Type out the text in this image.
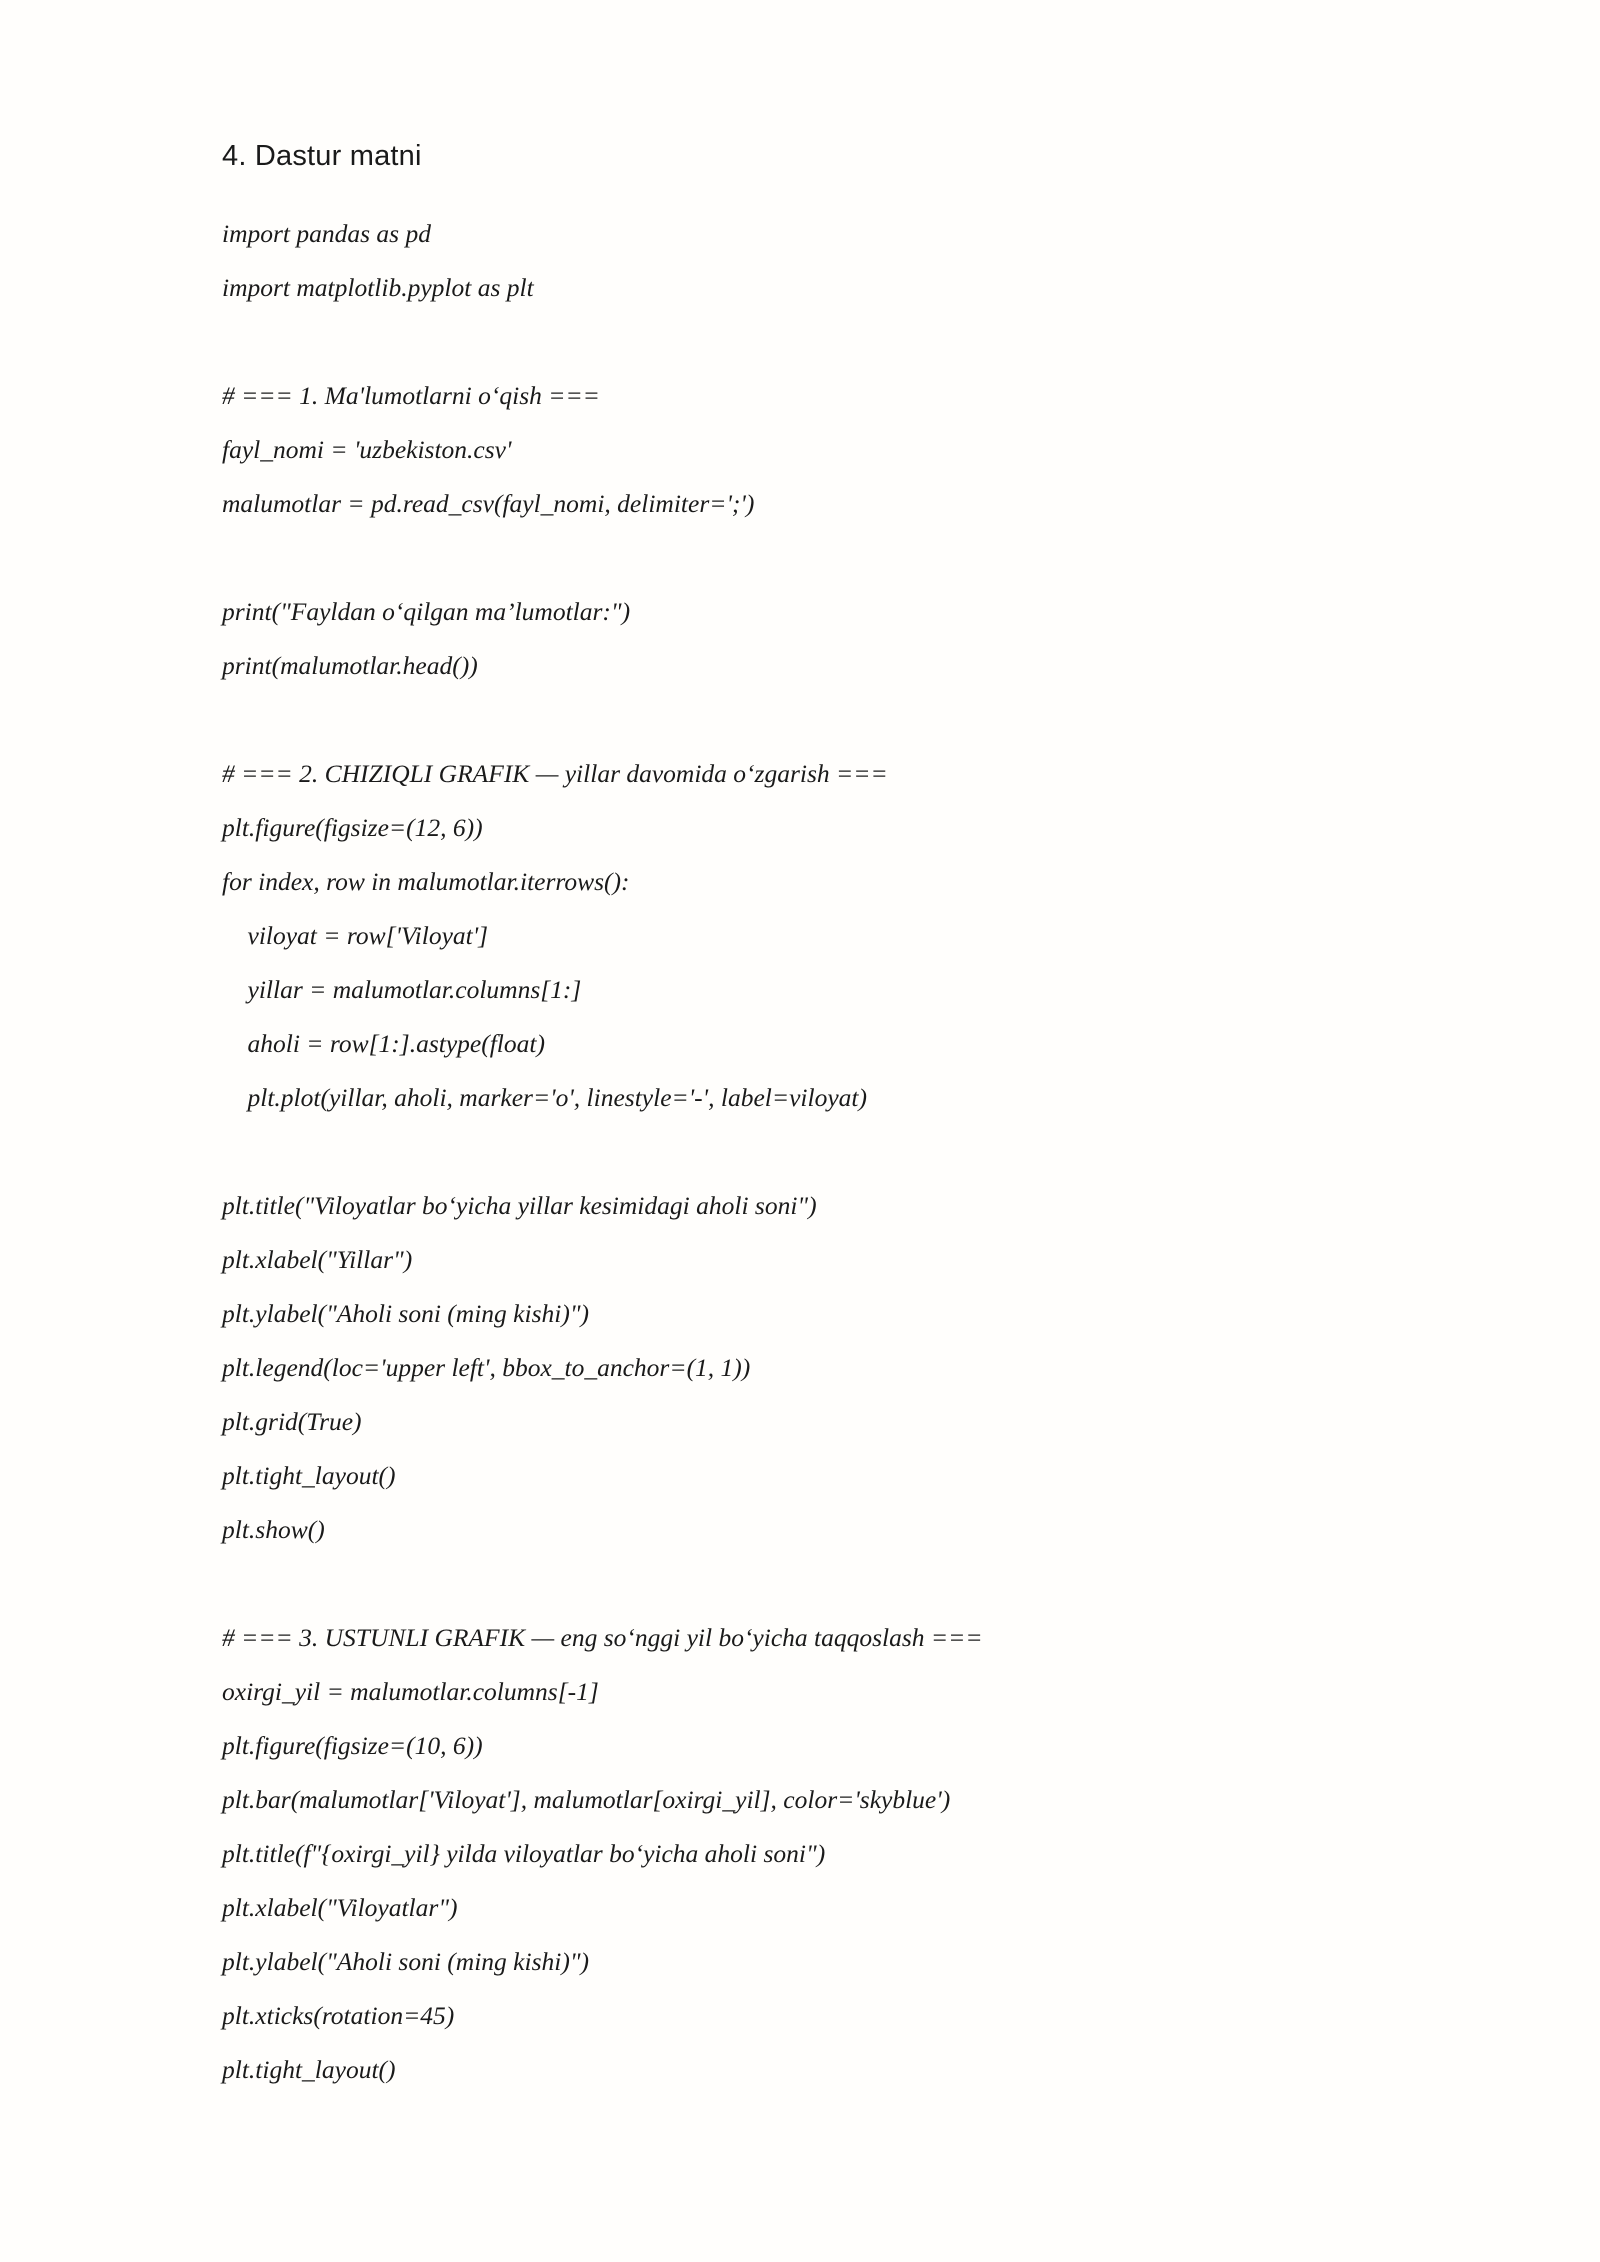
4. Dastur matni
import pandas as pd
import matplotlib.pyplot as plt

# === 1. Ma'lumotlarni o‘qish ===
fayl_nomi = 'uzbekiston.csv'
malumotlar = pd.read_csv(fayl_nomi, delimiter=';')

print("Fayldan o‘qilgan ma’lumotlar:")
print(malumotlar.head())

# === 2. CHIZIQLI GRAFIK — yillar davomida o‘zgarish ===
plt.figure(figsize=(12, 6))
for index, row in malumotlar.iterrows():
viloyat = row['Viloyat']
yillar = malumotlar.columns[1:]
aholi = row[1:].astype(float)
plt.plot(yillar, aholi, marker='o', linestyle='-', label=viloyat)

plt.title("Viloyatlar bo‘yicha yillar kesimidagi aholi soni")
plt.xlabel("Yillar")
plt.ylabel("Aholi soni (ming kishi)")
plt.legend(loc='upper left', bbox_to_anchor=(1, 1))
plt.grid(True)
plt.tight_layout()
plt.show()

# === 3. USTUNLI GRAFIK — eng so‘nggi yil bo‘yicha taqqoslash ===
oxirgi_yil = malumotlar.columns[-1]
plt.figure(figsize=(10, 6))
plt.bar(malumotlar['Viloyat'], malumotlar[oxirgi_yil], color='skyblue')
plt.title(f"{oxirgi_yil} yilda viloyatlar bo‘yicha aholi soni")
plt.xlabel("Viloyatlar")
plt.ylabel("Aholi soni (ming kishi)")
plt.xticks(rotation=45)
plt.tight_layout()
